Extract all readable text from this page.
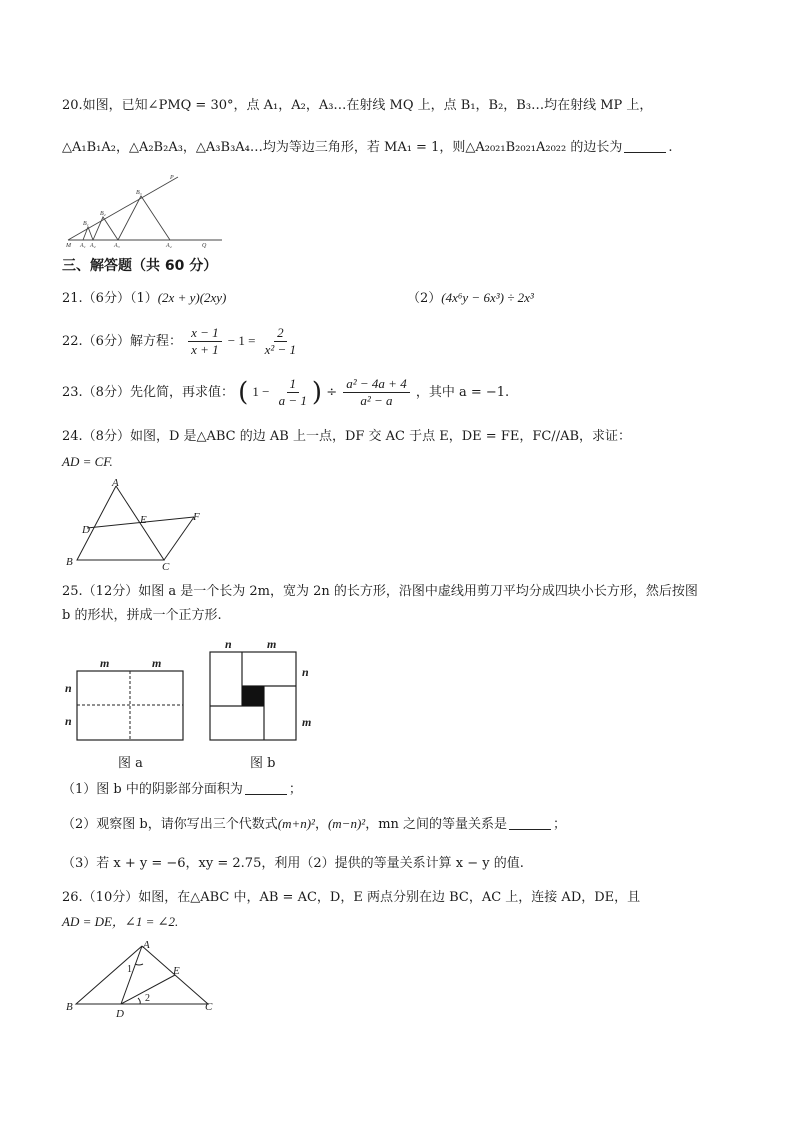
20.如图，已知∠PMQ = 30°，点 A₁，A₂，A₃…在射线 MQ 上，点 B₁，B₂，B₃…均在射线 MP 上，
△A₁B₁A₂，△A₂B₂A₃，△A₃B₃A₄…均为等边三角形，若 MA₁ = 1，则△A₂₀₂₁B₂₀₂₁A₂₀₂₂ 的边长为	.
M A₁ A₂	A₃	A₄	Q
B₁
B₂
B₃
P
三、解答题（共 60 分）
21.（6分）（1）(2x + y)(2xy)	（2）(4x⁶y − 6x³) ÷ 2x³
22.（6分）解方程： $\frac{x - 1}{x + 1} - 1 = \frac{2}{\text{x² − 1}}$
23.（8分）先化简，再求值： ( $1 - \frac{1}{a - 1}$ ) ÷ $\frac{\text{a² − 4a + 4}}{\text{a² − a}}$ ，其中 a = −1.
24.（8分）如图，D 是△ABC 的边 AB 上一点，DF 交 AC 于点 E，DE = FE，FC//AB，求证：
AD = CF.
A
D
E	F
B	C
25.（12分）如图 a 是一个长为 2m，宽为 2n 的长方形，沿图中虚线用剪刀平均分成四块小长方形，然后按图
b 的形状，拼成一个正方形.
m	m
n
n
n	m
n
m
图 a	图 b
（1）图 b 中的阴影部分面积为	；
（2）观察图 b，请你写出三个代数式(m+n)²，(m−n)²，mn 之间的等量关系是	；
（3）若 x + y = −6，xy = 2.75，利用（2）提供的等量关系计算 x − y 的值.
26.（10分）如图，在△ABC 中，AB = AC，D，E 两点分别在边 BC，AC 上，连接 AD，DE，且
AD = DE，∠1 = ∠2.
A
E
1
2
B
D
C
